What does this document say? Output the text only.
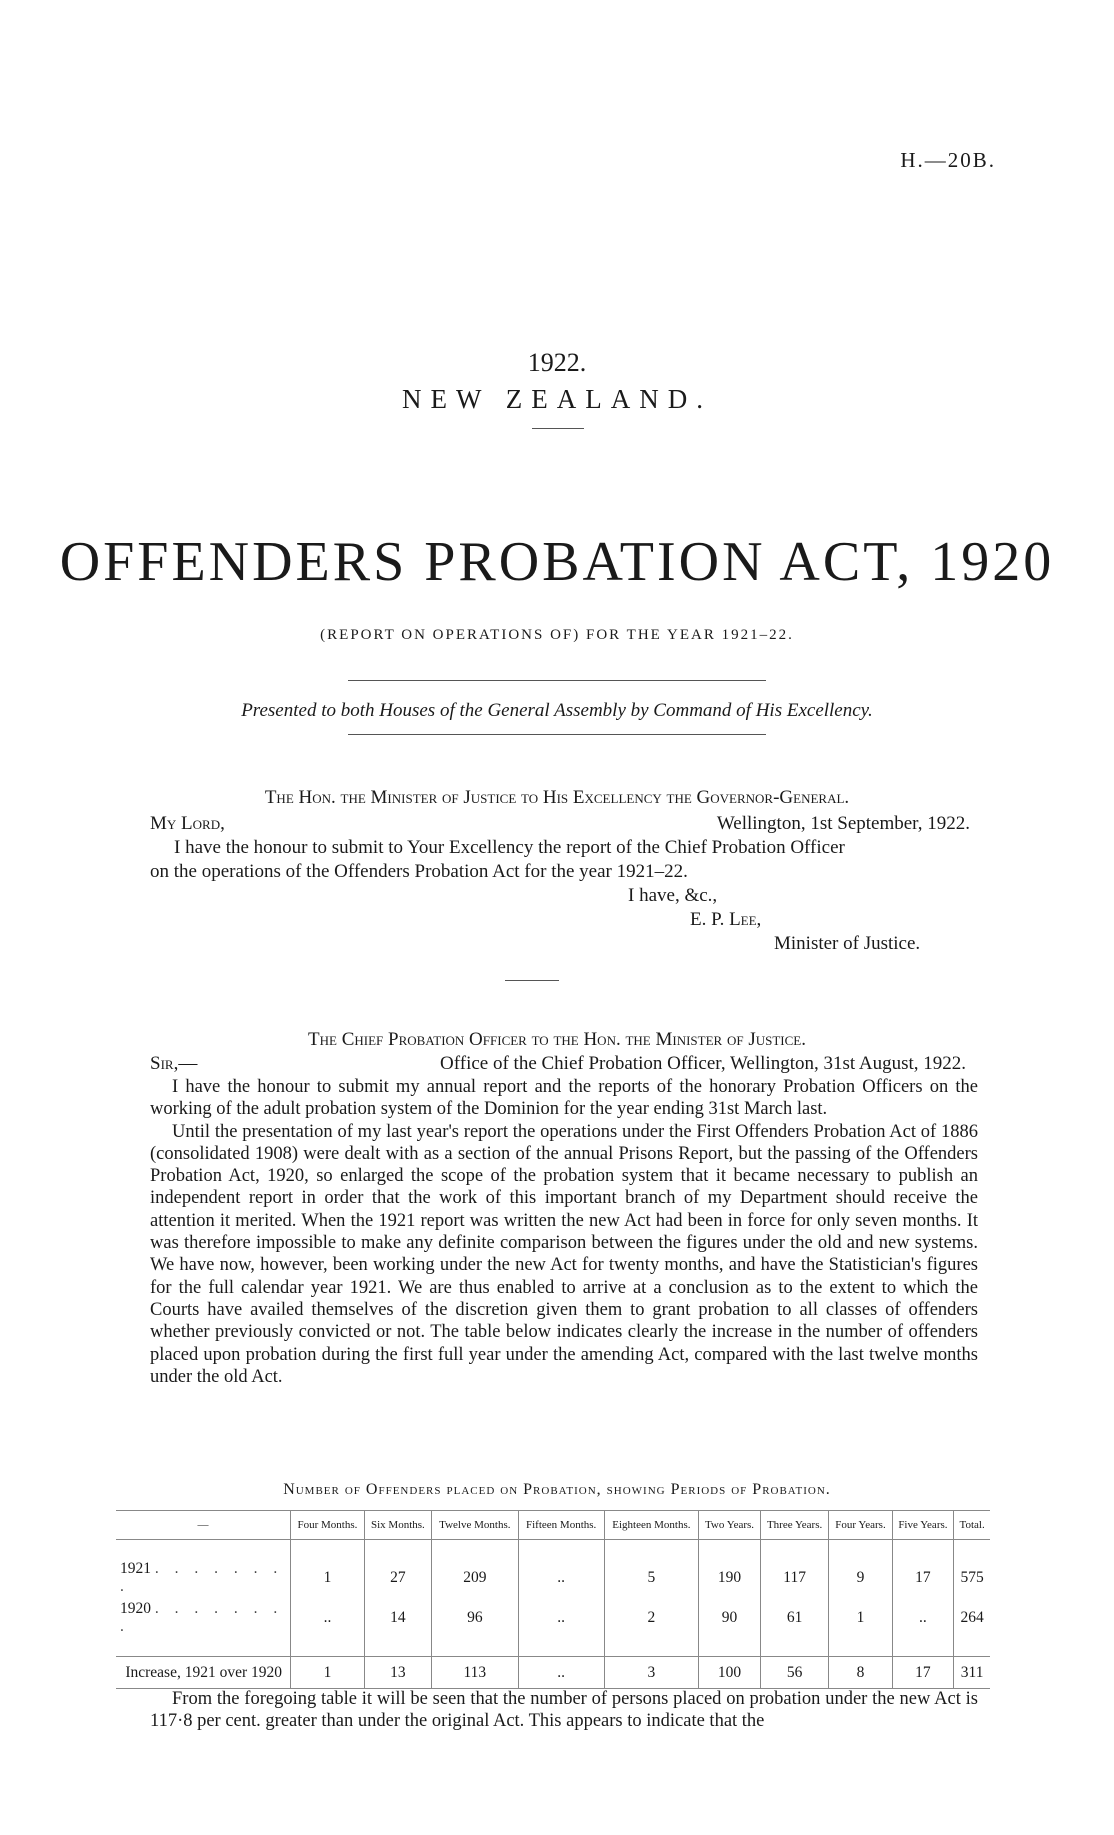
H.—20B.
1922.
NEW ZEALAND.
OFFENDERS PROBATION ACT, 1920
(REPORT ON OPERATIONS OF) FOR THE YEAR 1921–22.
Presented to both Houses of the General Assembly by Command of His Excellency.
The Hon. the Minister of Justice to His Excellency the Governor-General.
My Lord,	Wellington, 1st September, 1922.
I have the honour to submit to Your Excellency the report of the Chief Probation Officer
on the operations of the Offenders Probation Act for the year 1921–22.
I have, &c.,
E. P. Lee,
Minister of Justice.
The Chief Probation Officer to the Hon. the Minister of Justice.
Sir,—	Office of the Chief Probation Officer, Wellington, 31st August, 1922.

I have the honour to submit my annual report and the reports of the honorary Probation Officers on the working of the adult probation system of the Dominion for the year ending 31st March last.

Until the presentation of my last year's report the operations under the First Offenders Probation Act of 1886 (consolidated 1908) were dealt with as a section of the annual Prisons Report, but the passing of the Offenders Probation Act, 1920, so enlarged the scope of the probation system that it became necessary to publish an independent report in order that the work of this important branch of my Department should receive the attention it merited. When the 1921 report was written the new Act had been in force for only seven months. It was therefore impossible to make any definite comparison between the figures under the old and new systems. We have now, however, been working under the new Act for twenty months, and have the Statistician's figures for the full calendar year 1921. We are thus enabled to arrive at a conclusion as to the extent to which the Courts have availed themselves of the discretion given them to grant probation to all classes of offenders whether previously convicted or not. The table below indicates clearly the increase in the number of offenders placed upon probation during the first full year under the amending Act, compared with the last twelve months under the old Act.

Number of Offenders placed on Probation, showing Periods of Probation.
—	Four Months.	Six Months.	Twelve Months.	Fifteen Months.	Eighteen Months.	Two Years.	Three Years.	Four Years.	Five Years.	Total.

1921 . . . . . . . .	1	27	209	..	5	190	117	9	17	575
1920 . . . . . . . .	..	14	96	..	2	90	61	1	..	264

Increase, 1921 over 1920	1	13	113	..	3	100	56	8	17	311

From the foregoing table it will be seen that the number of persons placed on probation under the new Act is 117·8 per cent. greater than under the original Act. This appears to indicate that the
